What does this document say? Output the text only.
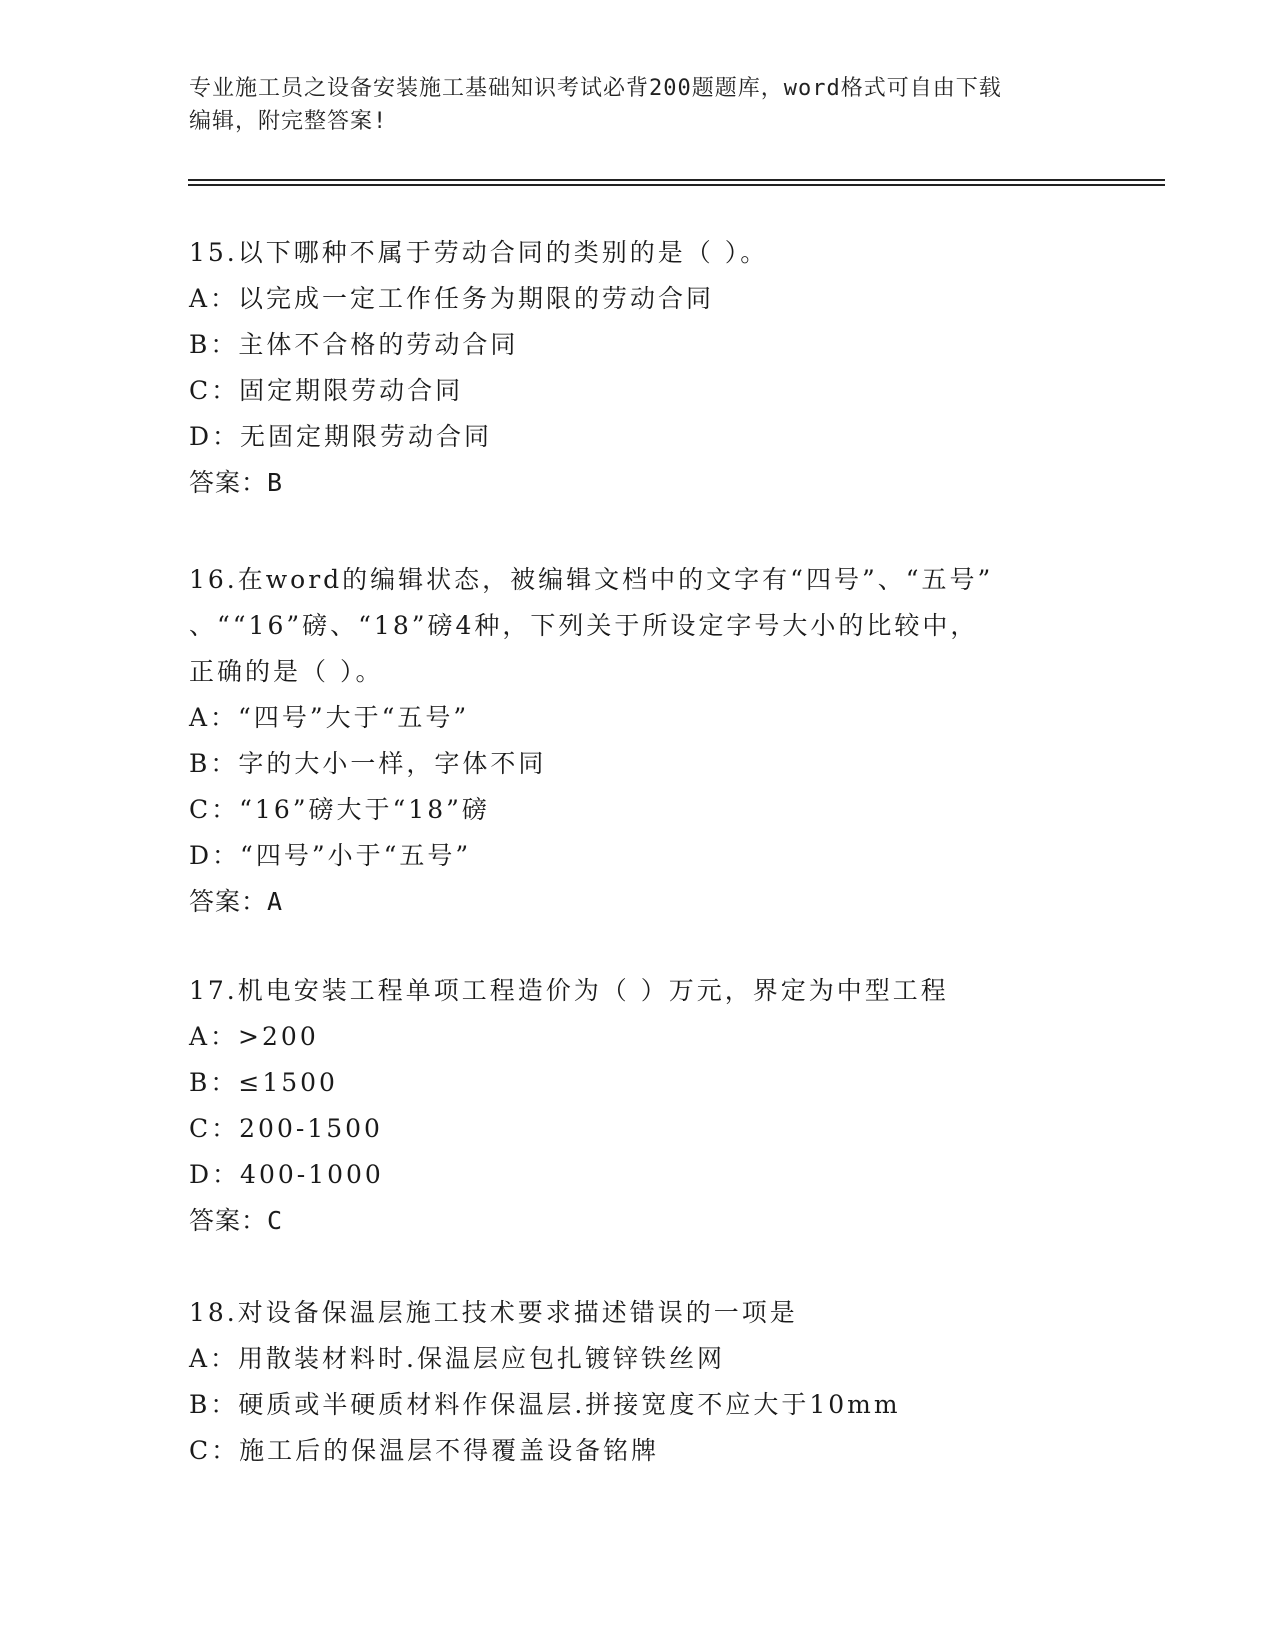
专业施工员之设备安装施工基础知识考试必背200题题库，word格式可自由下载
编辑，附完整答案!
15.以下哪种不属于劳动合同的类别的是（ ）。
A：以完成一定工作任务为期限的劳动合同
B：主体不合格的劳动合同
C：固定期限劳动合同
D：无固定期限劳动合同
答案：B
16.在word的编辑状态，被编辑文档中的文字有“四号”、“五号”
、““16”磅、“18”磅4种，下列关于所设定字号大小的比较中，
正确的是（ ）。
A：“四号”大于“五号”
B：字的大小一样，字体不同
C：“16”磅大于“18”磅
D：“四号”小于“五号”
答案：A
17.机电安装工程单项工程造价为（ ）万元，界定为中型工程
A：>200
B：≤1500
C：200-1500
D：400-1000
答案：C
18.对设备保温层施工技术要求描述错误的一项是
A：用散装材料时.保温层应包扎镀锌铁丝网
B：硬质或半硬质材料作保温层.拼接宽度不应大于10mm
C：施工后的保温层不得覆盖设备铭牌
